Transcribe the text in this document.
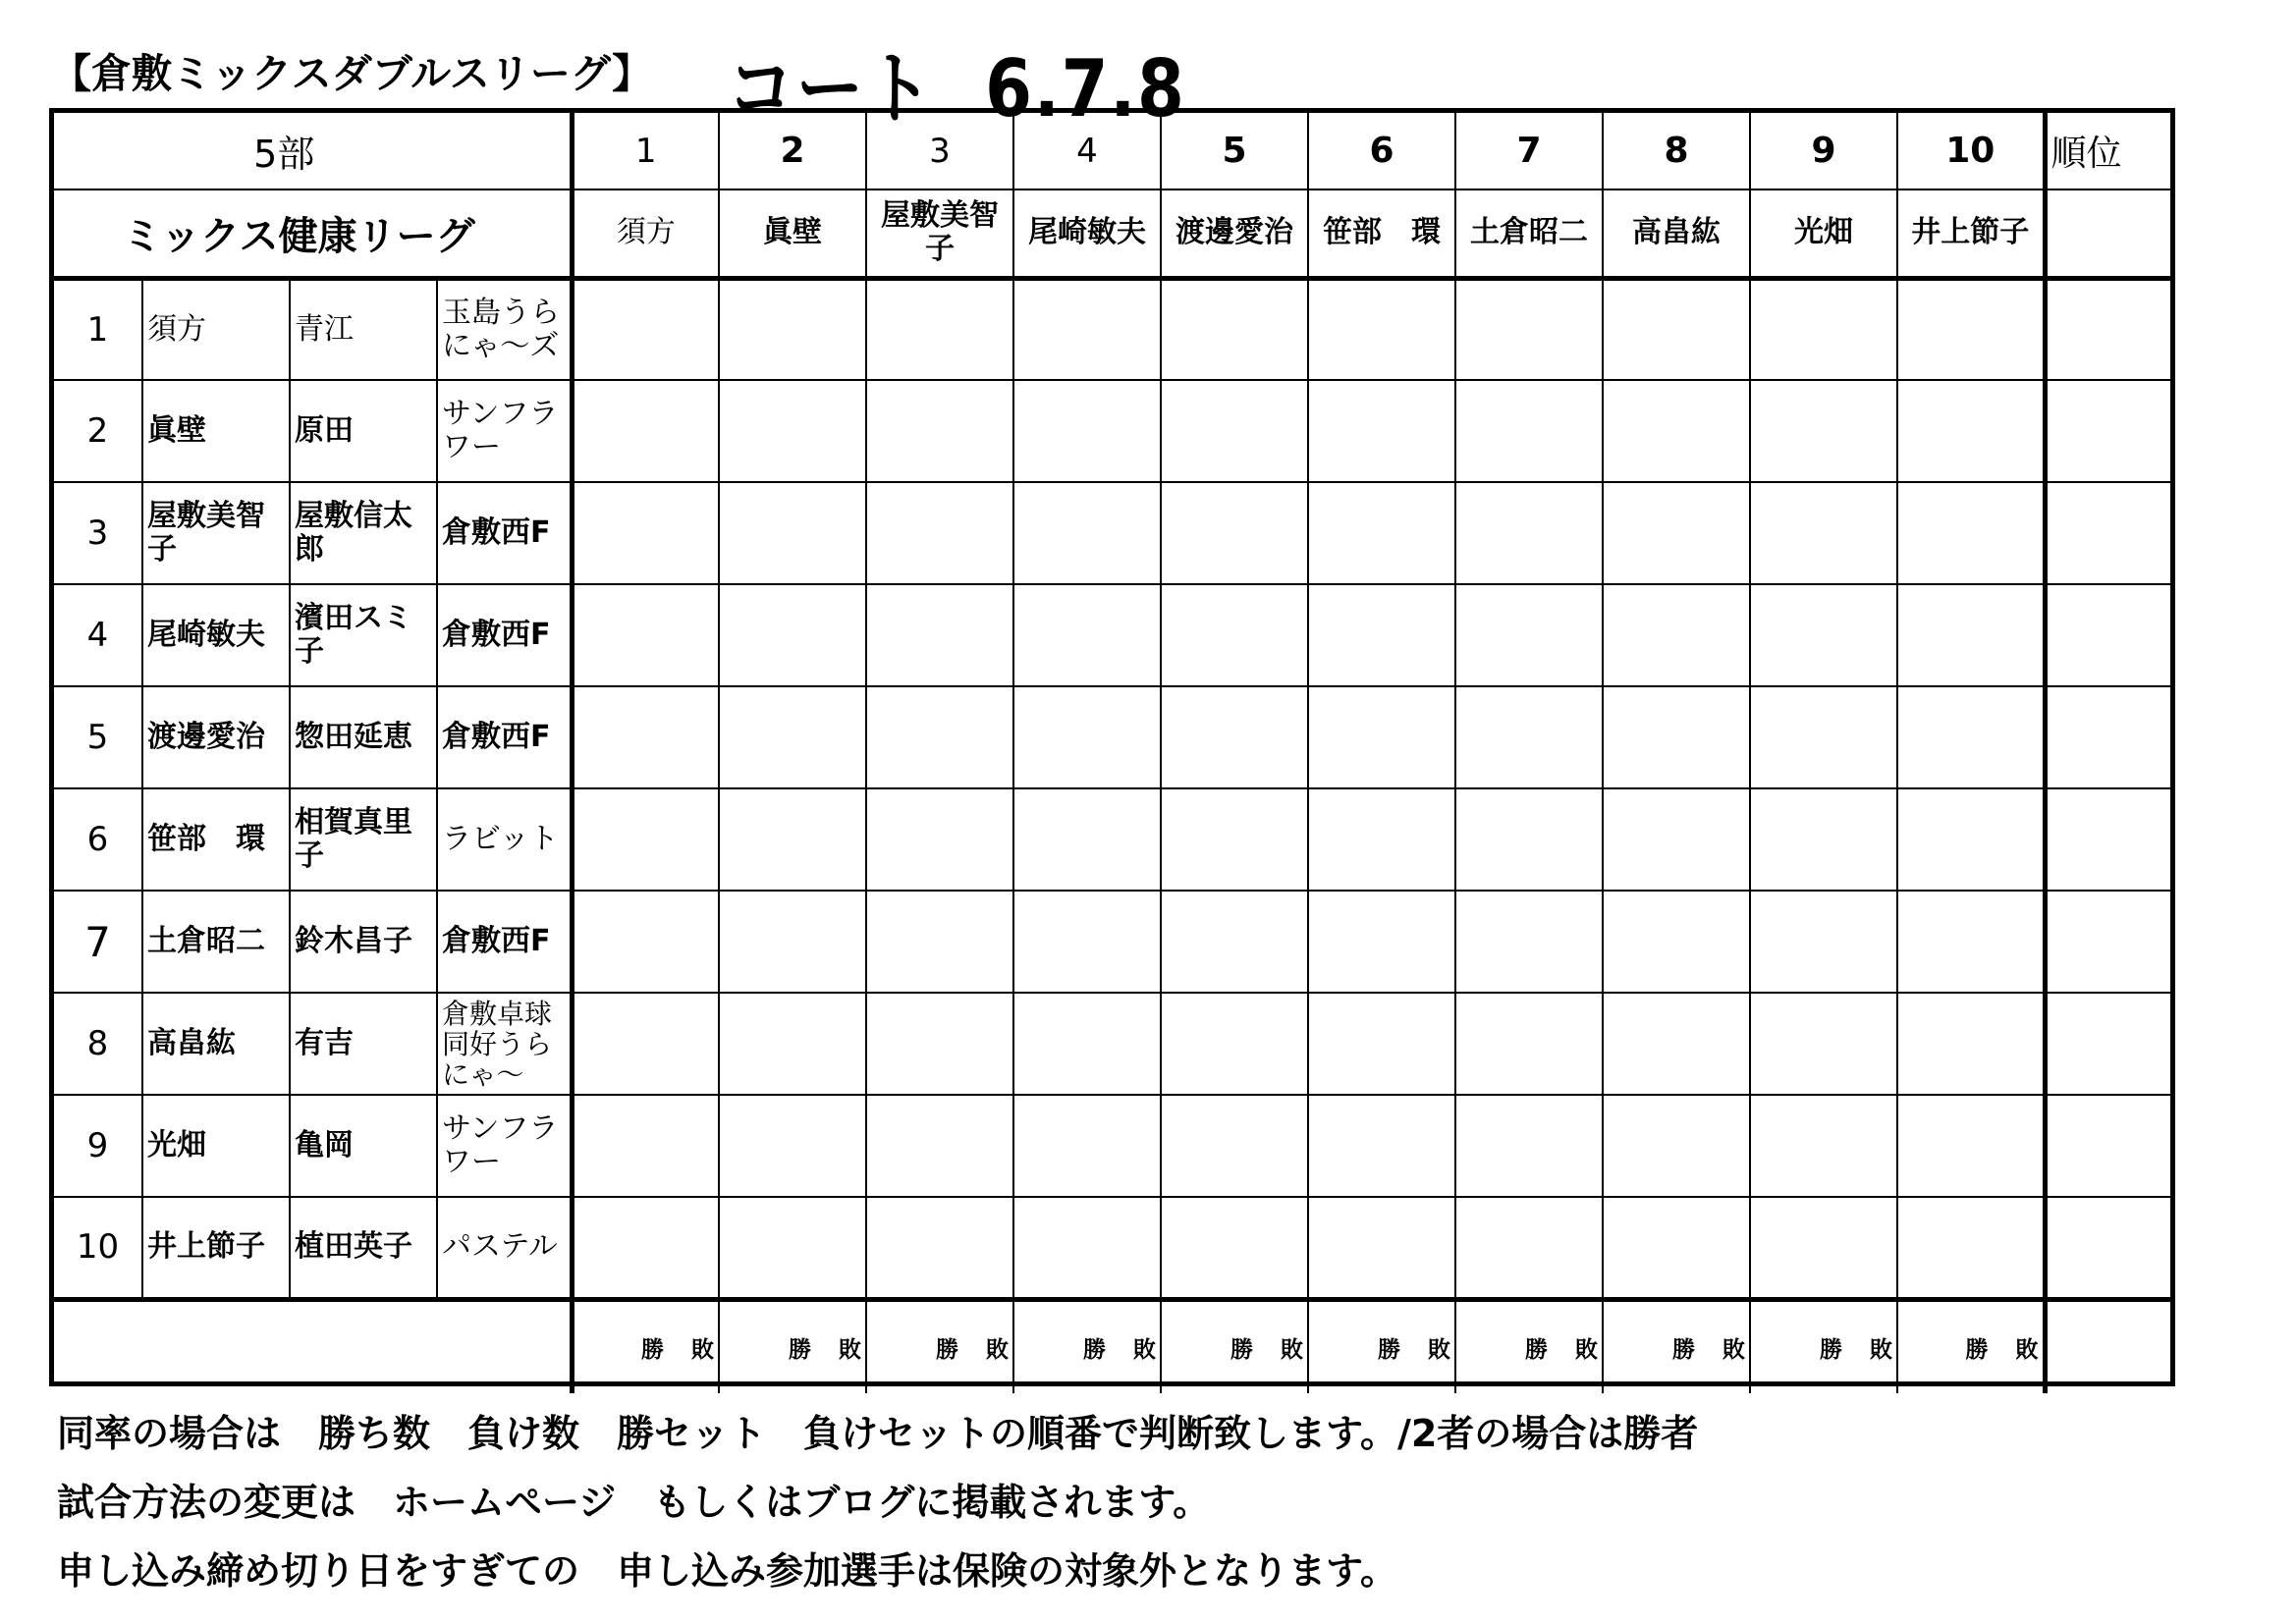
【倉敷ミックスダブルスリーグ】 コート 6.7.8
5部				1	2	3	4	5	6	7	8	9	10	順位
ミックス健康リーグ				須方	眞壁	屋敷美智子	尾崎敏夫	渡邊愛治	笹部　環	土倉昭二	高畠紘	光畑	井上節子	
1	須方	青江	玉島うらにゃ～ズ											
2	眞壁	原田	サンフラワー											
3	屋敷美智子	屋敷信太郎	倉敷西F											
4	尾崎敏夫	濱田スミ子	倉敷西F											
5	渡邊愛治	惣田延恵	倉敷西F											
6	笹部　環	相賀真里子	ラビット											
7	土倉昭二	鈴木昌子	倉敷西F											
8	高畠紘	有吉	倉敷卓球同好うらにゃ～											
9	光畑	亀岡	サンフラワー											
10	井上節子	植田英子	パステル											
				勝 敗	勝 敗	勝 敗	勝 敗	勝 敗	勝 敗	勝 敗	勝 敗	勝 敗	勝 敗	
同率の場合は　勝ち数　負け数　勝セット　負けセットの順番で判断致します。/2者の場合は勝者
試合方法の変更は　ホームページ　もしくはブログに掲載されます。
申し込み締め切り日をすぎての　申し込み参加選手は保険の対象外となります。
